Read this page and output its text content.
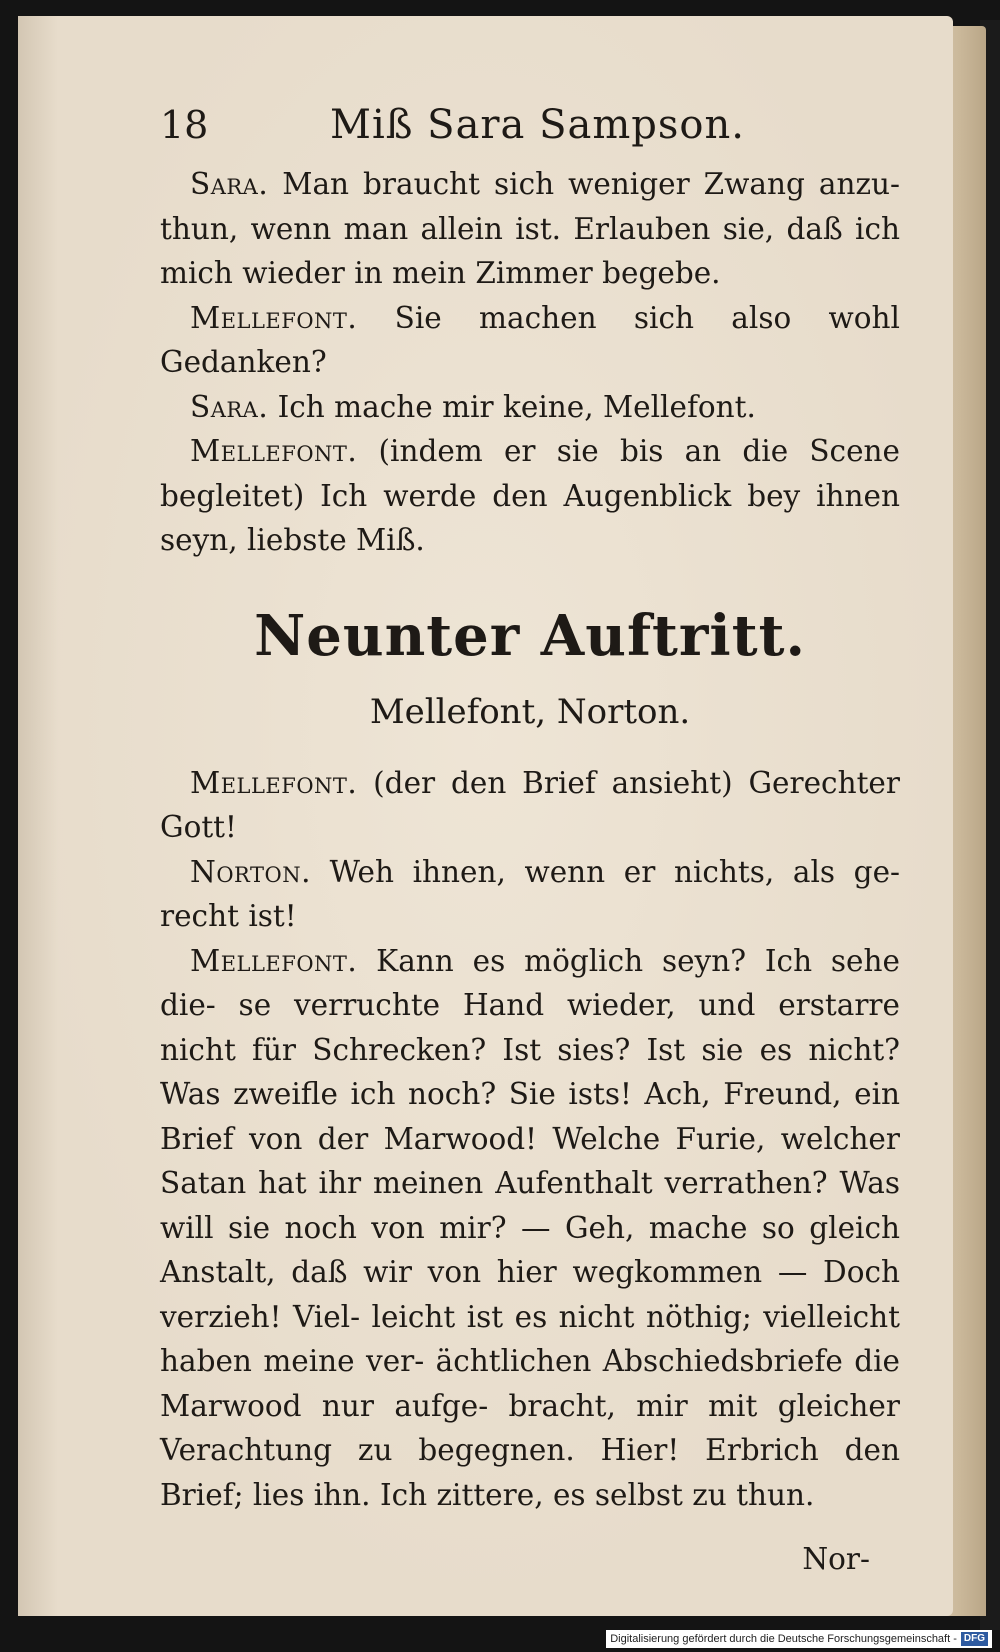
18	Miß Sara Sampson.

Sara. Man braucht sich weniger Zwang anzu- thun, wenn man allein ist. Erlauben sie, daß ich mich wieder in mein Zimmer begebe.

Mellefont. Sie machen sich also wohl Gedanken?

Sara. Ich mache mir keine, Mellefont.

Mellefont. (indem er sie bis an die Scene begleitet) Ich werde den Augenblick bey ihnen seyn, liebste Miß.

Neunter Auftritt.
Mellefont, Norton.

Mellefont. (der den Brief ansieht) Gerechter Gott!

Norton. Weh ihnen, wenn er nichts, als ge- recht ist!

Mellefont. Kann es möglich seyn? Ich sehe die- se verruchte Hand wieder, und erstarre nicht für Schrecken? Ist sies? Ist sie es nicht? Was zweifle ich noch? Sie ists! Ach, Freund, ein Brief von der Marwood! Welche Furie, welcher Satan hat ihr meinen Aufenthalt verrathen? Was will sie noch von mir? — Geh, mache so gleich Anstalt, daß wir von hier wegkommen — Doch verzieh! Viel- leicht ist es nicht nöthig; vielleicht haben meine ver- ächtlichen Abschiedsbriefe die Marwood nur aufge- bracht, mir mit gleicher Verachtung zu begegnen. Hier! Erbrich den Brief; lies ihn. Ich zittere, es selbst zu thun.

Nor-
Digitalisierung gefördert durch die Deutsche Forschungsgemeinschaft - DFG
